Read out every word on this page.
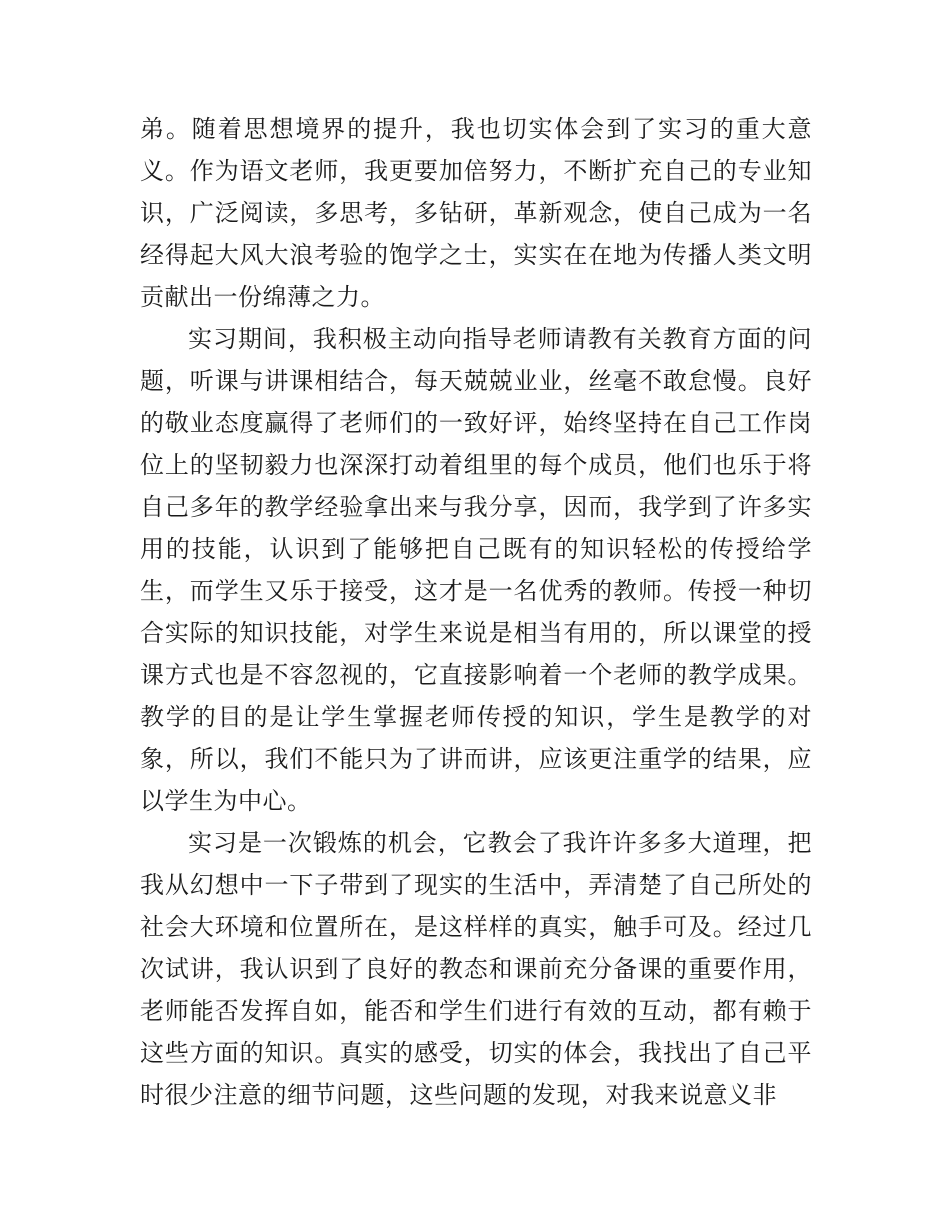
弟。随着思想境界的提升，我也切实体会到了实习的重大意义。作为语文老师，我更要加倍努力，不断扩充自己的专业知识，广泛阅读，多思考，多钻研，革新观念，使自己成为一名经得起大风大浪考验的饱学之士，实实在在地为传播人类文明贡献出一份绵薄之力。

实习期间，我积极主动向指导老师请教有关教育方面的问题，听课与讲课相结合，每天兢兢业业，丝毫不敢怠慢。良好的敬业态度赢得了老师们的一致好评，始终坚持在自己工作岗位上的坚韧毅力也深深打动着组里的每个成员，他们也乐于将自己多年的教学经验拿出来与我分享，因而，我学到了许多实用的技能，认识到了能够把自己既有的知识轻松的传授给学生，而学生又乐于接受，这才是一名优秀的教师。传授一种切合实际的知识技能，对学生来说是相当有用的，所以课堂的授课方式也是不容忽视的，它直接影响着一个老师的教学成果。教学的目的是让学生掌握老师传授的知识，学生是教学的对象，所以，我们不能只为了讲而讲，应该更注重学的结果，应以学生为中心。

实习是一次锻炼的机会，它教会了我许许多多大道理，把我从幻想中一下子带到了现实的生活中，弄清楚了自己所处的社会大环境和位置所在，是这样样的真实，触手可及。经过几次试讲，我认识到了良好的教态和课前充分备课的重要作用，老师能否发挥自如，能否和学生们进行有效的互动，都有赖于这些方面的知识。真实的感受，切实的体会，我找出了自己平时很少注意的细节问题，这些问题的发现，对我来说意义非
